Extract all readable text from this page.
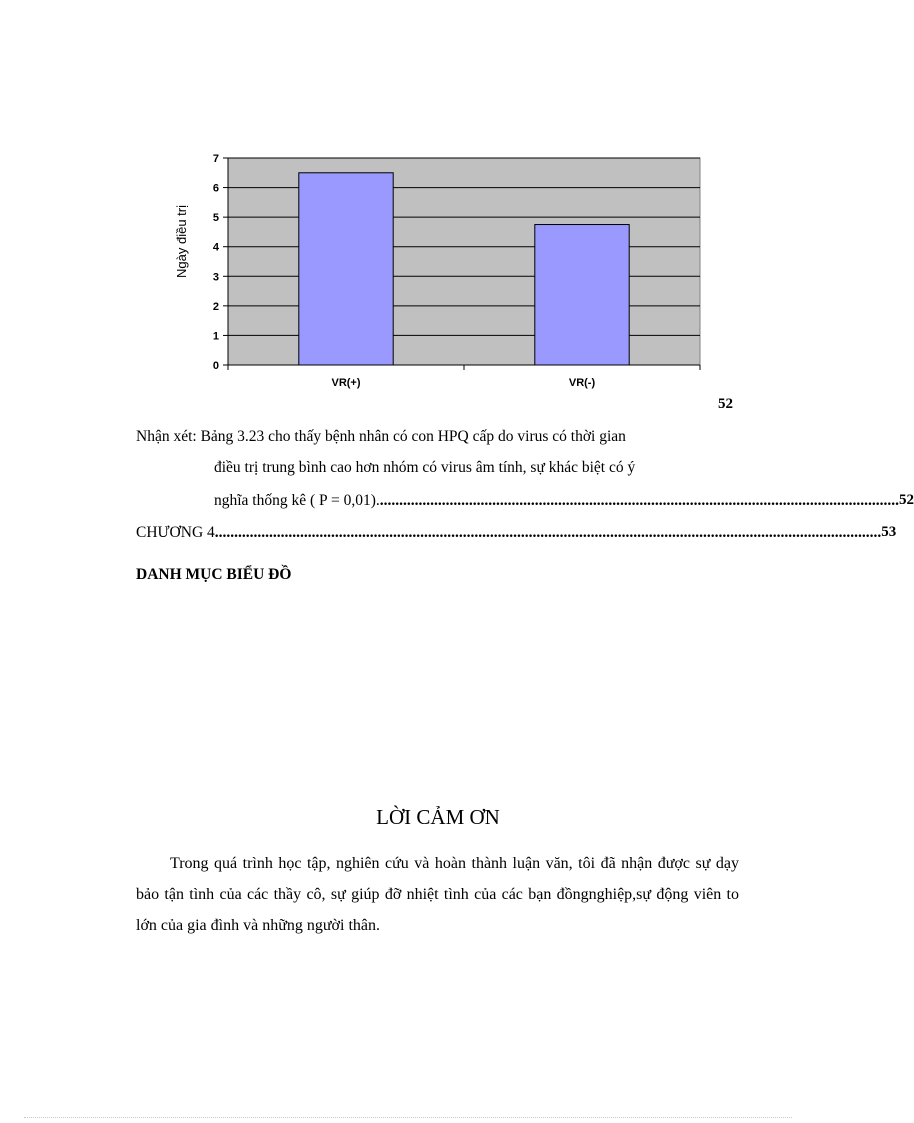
0
1
2
3
4
5
6
7
VR(+)	VR(-)
Ngày điều trị
52
Nhận xét: Bảng 3.23 cho thấy bệnh nhân có con HPQ cấp do virus có thời gian
điều trị trung bình cao hơn nhóm có virus âm tính, sự khác biệt có ý
nghĩa thống kê ( P = 0,01). ...................................................................................................................................... 52
CHƯƠNG 4 ............................................................................................................................................................................ 53
DANH MỤC BIỂU ĐỒ
LỜI CẢM ƠN

Trong quá trình học tập, nghiên cứu và hoàn thành luận văn, tôi đã nhận được sự dạy bảo tận tình của các thầy cô, sự giúp đỡ nhiệt tình của các bạn đồngnghiệp,sự động viên to lớn của gia đình và những người thân.
